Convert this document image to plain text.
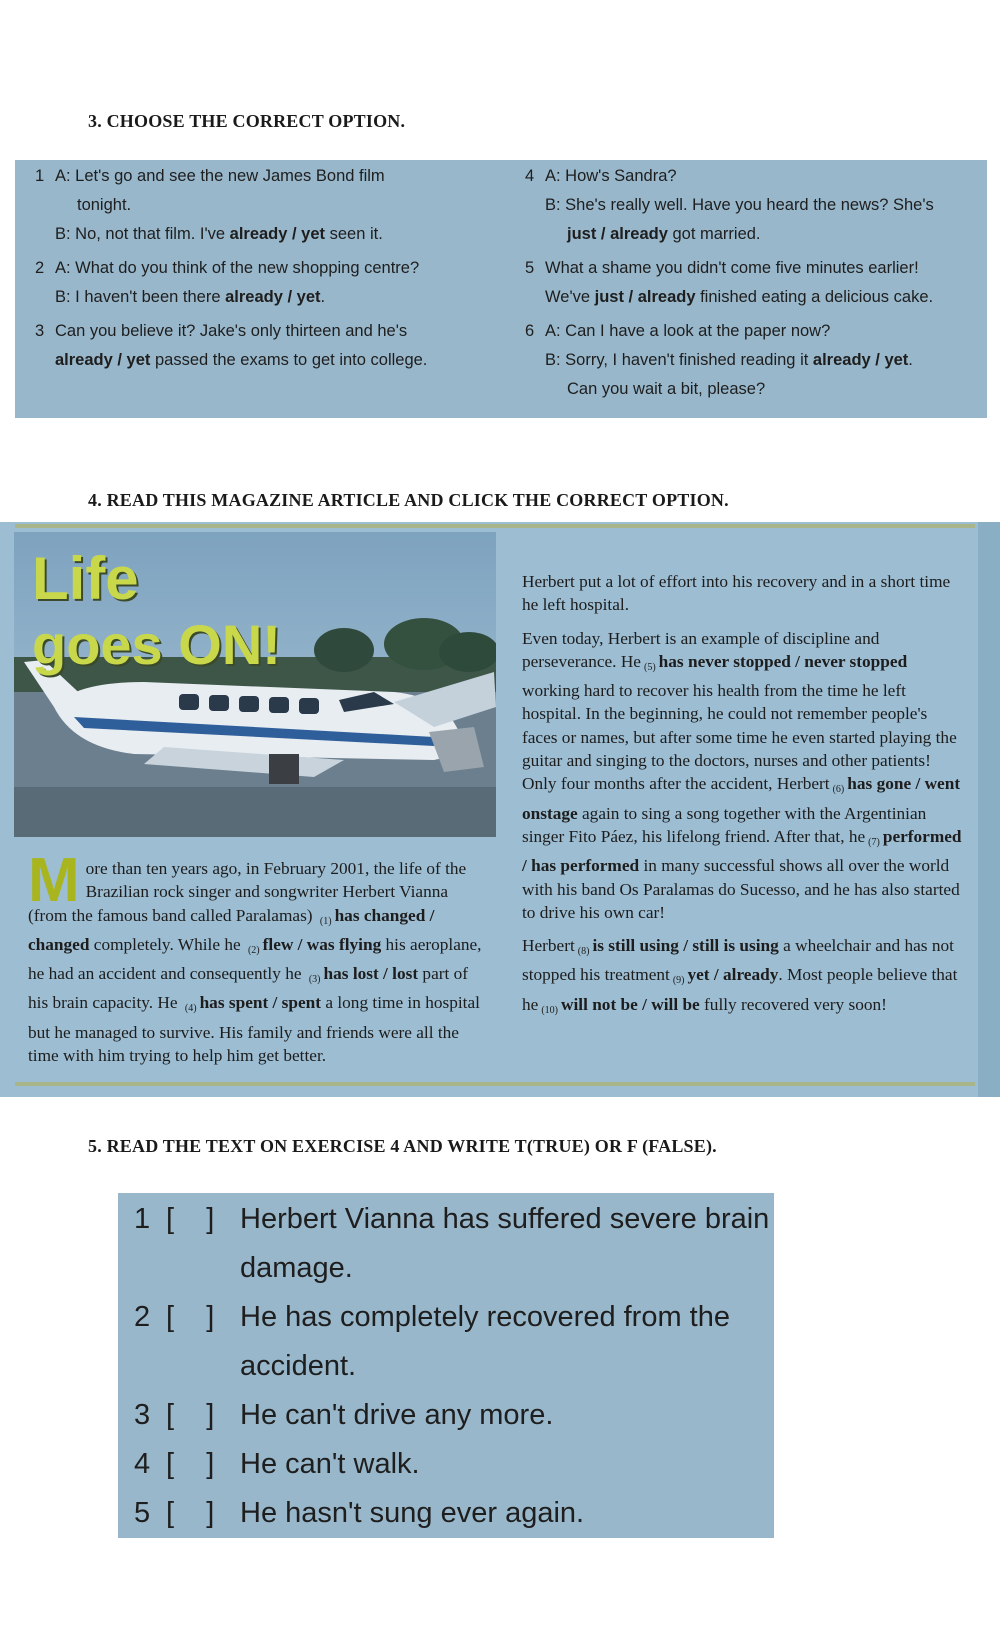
3. CHOOSE THE CORRECT OPTION.
1 A: Let's go and see the new James Bond film
tonight.
B: No, not that film. I've already / yet seen it.
2 A: What do you think of the new shopping centre?
B: I haven't been there already / yet.
3 Can you believe it? Jake's only thirteen and he's
already / yet passed the exams to get into college.
4 A: How's Sandra?
B: She's really well. Have you heard the news? She's
just / already got married.
5 What a shame you didn't come five minutes earlier!
We've just / already finished eating a delicious cake.
6 A: Can I have a look at the paper now?
B: Sorry, I haven't finished reading it already / yet.
Can you wait a bit, please?
4. READ THIS MAGAZINE ARTICLE AND CLICK THE CORRECT OPTION.
Life
goes ON!
More than ten years ago, in February 2001, the life of the Brazilian rock singer and songwriter Herbert Vianna (from the famous band called Paralamas) $_{(1)}$ has changed / changed completely. While he $_{(2)}$ flew / was flying his aeroplane, he had an accident and consequently he $_{(3)}$ has lost / lost part of his brain capacity. He $_{(4)}$ has spent / spent a long time in hospital but he managed to survive. His family and friends were all the time with him trying to help him get better.

Herbert put a lot of effort into his recovery and in a short time he left hospital.

Even today, Herbert is an example of discipline and perseverance. He $_{(5)}$ has never stopped / never stopped working hard to recover his health from the time he left hospital. In the beginning, he could not remember people's faces or names, but after some time he even started playing the guitar and singing to the doctors, nurses and other patients! Only four months after the accident, Herbert $_{(6)}$ has gone / went onstage again to sing a song together with the Argentinian singer Fito Páez, his lifelong friend. After that, he $_{(7)}$ performed / has performed in many successful shows all over the world with his band Os Paralamas do Sucesso, and he has also started to drive his own car!

Herbert $_{(8)}$ is still using / still is using a wheelchair and has not stopped his treatment $_{(9)}$ yet / already. Most people believe that he $_{(10)}$ will not be / will be fully recovered very soon!

5. READ THE TEXT ON EXERCISE 4 AND WRITE T(TRUE) OR F (FALSE).
1 [    ] Herbert Vianna has suffered severe brain
damage.
2 [    ] He has completely recovered from the
accident.
3 [    ] He can't drive any more.
4 [    ] He can't walk.
5 [    ] He hasn't sung ever again.
